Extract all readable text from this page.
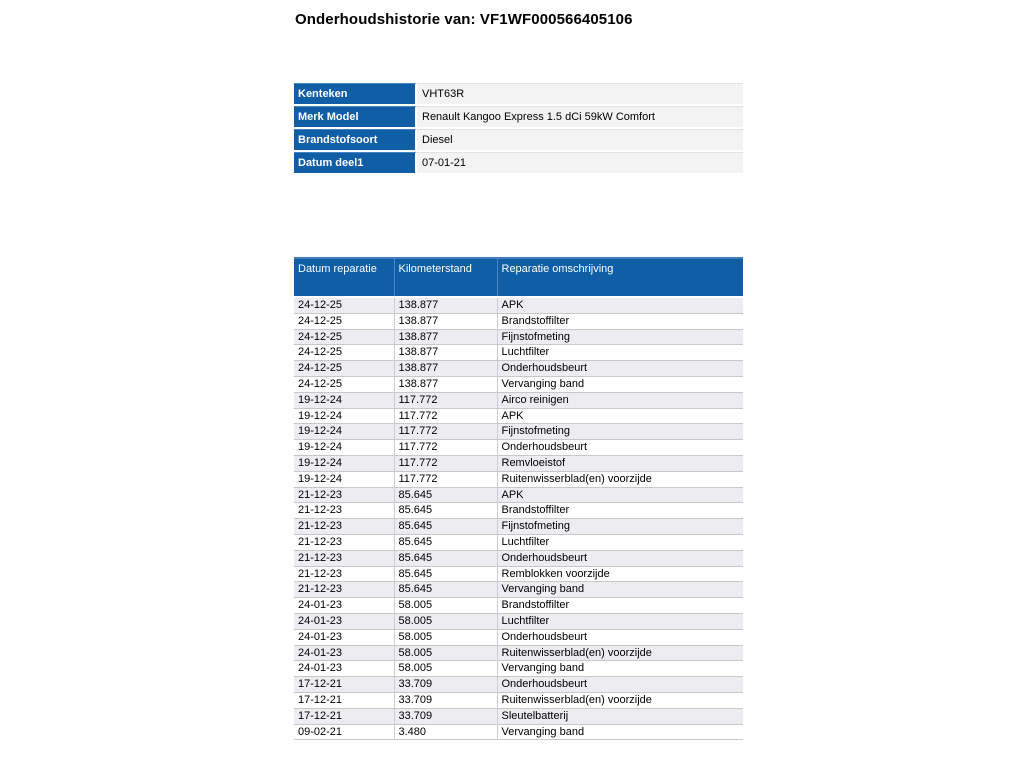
Onderhoudshistorie van: VF1WF000566405106
Kenteken	VHT63R
Merk Model	Renault Kangoo Express 1.5 dCi 59kW Comfort
Brandstofsoort	Diesel
Datum deel1	07-01-21
Datum reparatie	Kilometerstand	Reparatie omschrijving
24-12-25	138.877	APK
24-12-25	138.877	Brandstoffilter
24-12-25	138.877	Fijnstofmeting
24-12-25	138.877	Luchtfilter
24-12-25	138.877	Onderhoudsbeurt
24-12-25	138.877	Vervanging band
19-12-24	117.772	Airco reinigen
19-12-24	117.772	APK
19-12-24	117.772	Fijnstofmeting
19-12-24	117.772	Onderhoudsbeurt
19-12-24	117.772	Remvloeistof
19-12-24	117.772	Ruitenwisserblad(en) voorzijde
21-12-23	85.645	APK
21-12-23	85.645	Brandstoffilter
21-12-23	85.645	Fijnstofmeting
21-12-23	85.645	Luchtfilter
21-12-23	85.645	Onderhoudsbeurt
21-12-23	85.645	Remblokken voorzijde
21-12-23	85.645	Vervanging band
24-01-23	58.005	Brandstoffilter
24-01-23	58.005	Luchtfilter
24-01-23	58.005	Onderhoudsbeurt
24-01-23	58.005	Ruitenwisserblad(en) voorzijde
24-01-23	58.005	Vervanging band
17-12-21	33.709	Onderhoudsbeurt
17-12-21	33.709	Ruitenwisserblad(en) voorzijde
17-12-21	33.709	Sleutelbatterij
09-02-21	3.480	Vervanging band
